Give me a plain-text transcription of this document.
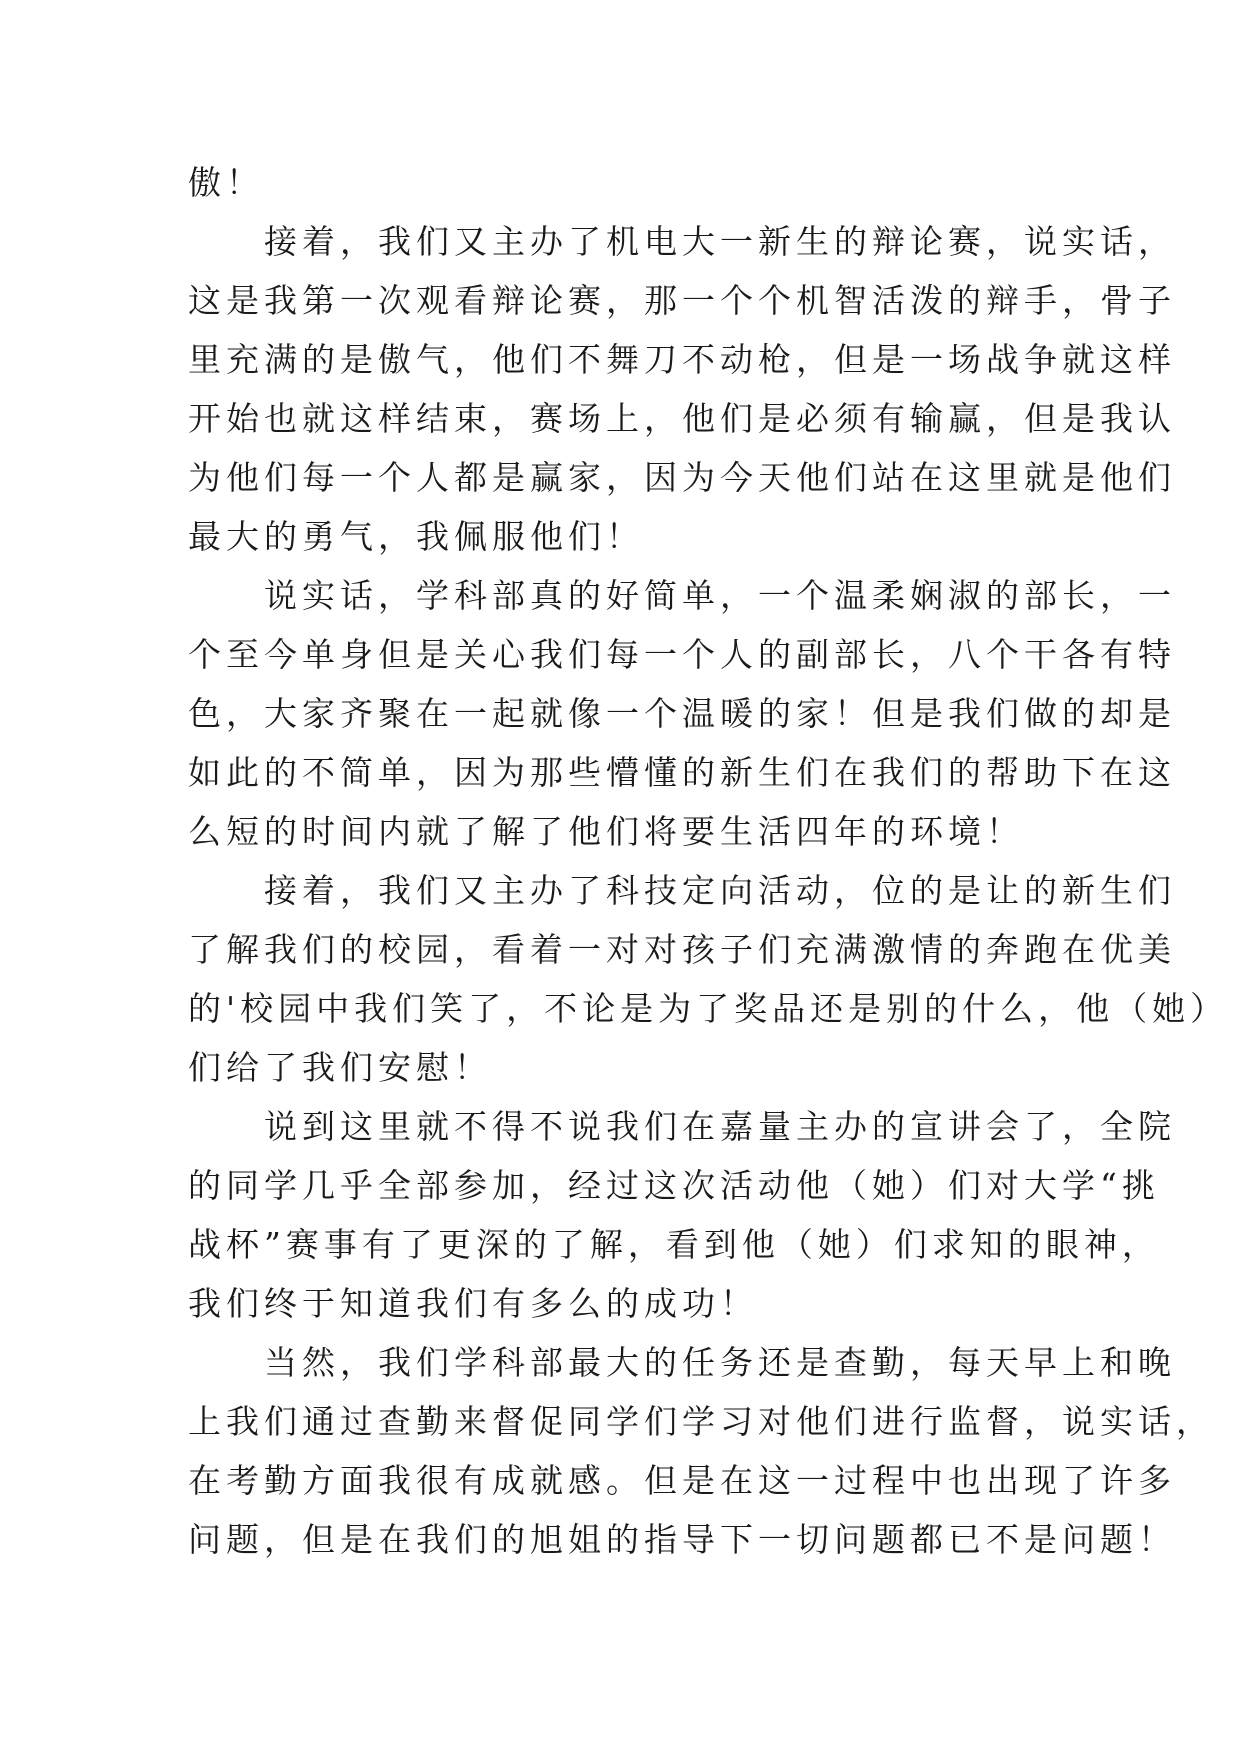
傲！
接着，我们又主办了机电大一新生的辩论赛，说实话，
这是我第一次观看辩论赛，那一个个机智活泼的辩手，骨子
里充满的是傲气，他们不舞刀不动枪，但是一场战争就这样
开始也就这样结束，赛场上，他们是必须有输赢，但是我认
为他们每一个人都是赢家，因为今天他们站在这里就是他们
最大的勇气，我佩服他们！
说实话，学科部真的好简单，一个温柔娴淑的部长，一
个至今单身但是关心我们每一个人的副部长，八个干各有特
色，大家齐聚在一起就像一个温暖的家！但是我们做的却是
如此的不简单，因为那些懵懂的新生们在我们的帮助下在这
么短的时间内就了解了他们将要生活四年的环境！
接着，我们又主办了科技定向活动，位的是让的新生们
了解我们的校园，看着一对对孩子们充满激情的奔跑在优美
的'校园中我们笑了，不论是为了奖品还是别的什么，他（她）
们给了我们安慰！
说到这里就不得不说我们在嘉量主办的宣讲会了，全院
的同学几乎全部参加，经过这次活动他（她）们对大学“挑
战杯”赛事有了更深的了解，看到他（她）们求知的眼神，
我们终于知道我们有多么的成功！
当然，我们学科部最大的任务还是查勤，每天早上和晚
上我们通过查勤来督促同学们学习对他们进行监督，说实话，
在考勤方面我很有成就感。但是在这一过程中也出现了许多
问题，但是在我们的旭姐的指导下一切问题都已不是问题！
